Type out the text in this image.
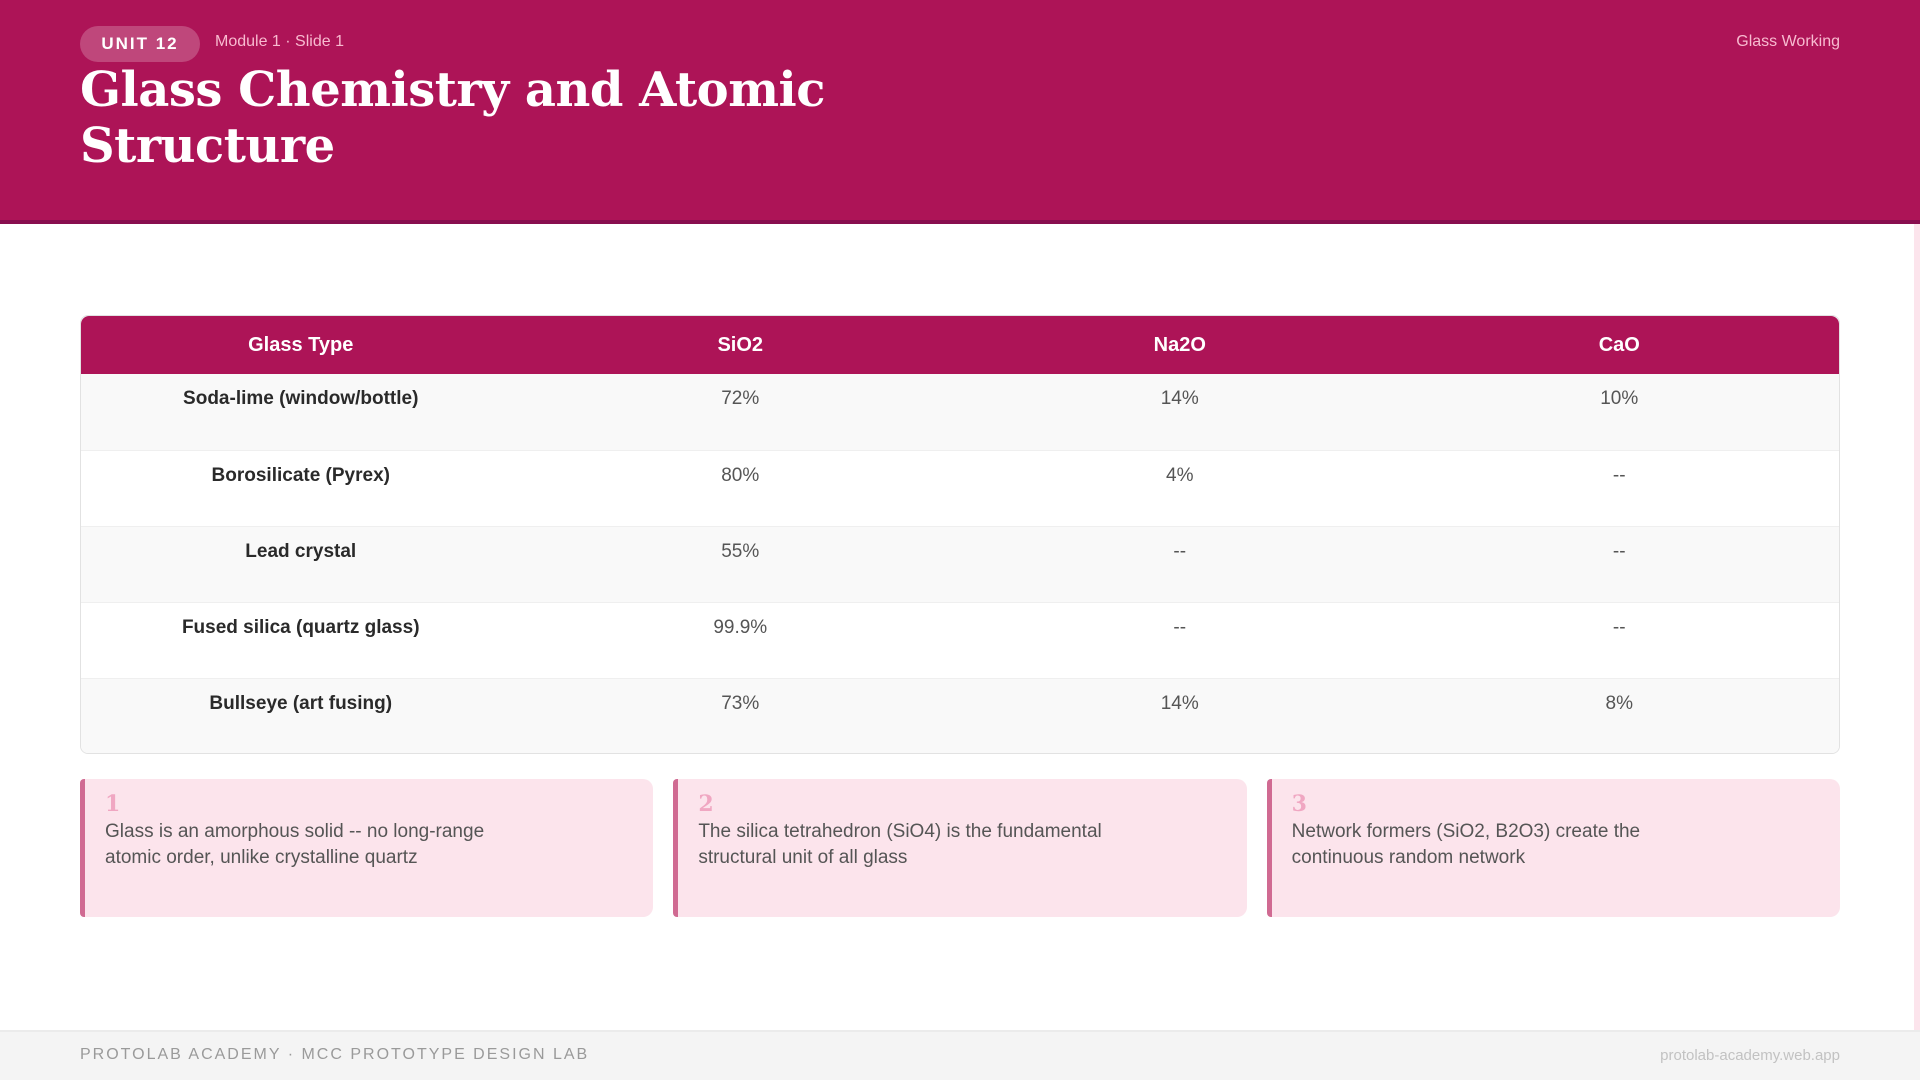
UNIT 12	Module 1 · Slide 1	Glass Working
Glass Chemistry and Atomic Structure
Glass Type	SiO2	Na2O	CaO
Soda-lime (window/bottle)	72%	14%	10%
Borosilicate (Pyrex)	80%	4%	--
Lead crystal	55%	--	--
Fused silica (quartz glass)	99.9%	--	--
Bullseye (art fusing)	73%	14%	8%
1
Glass is an amorphous solid -- no long-range atomic order, unlike crystalline quartz
2
The silica tetrahedron (SiO4) is the fundamental structural unit of all glass
3
Network formers (SiO2, B2O3) create the continuous random network
PROTOLAB ACADEMY · MCC PROTOTYPE DESIGN LAB	protolab-academy.web.app
